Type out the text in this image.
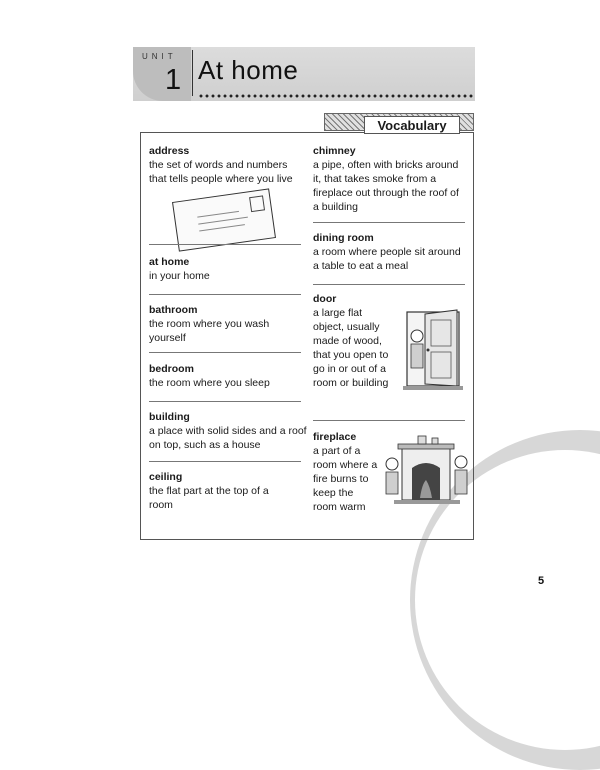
UNIT
1 At home
Vocabulary
address
the set of words and numbers that tells people where you live
at home
in your home
bathroom
the room where you wash yourself
bedroom
the room where you sleep
building
a place with solid sides and a roof on top, such as a house
ceiling
the flat part at the top of a room
chimney
a pipe, often with bricks around it, that takes smoke from a fireplace out through the roof of a building
dining room
a room where people sit around a table to eat a meal
door
a large flat object, usually made of wood, that you open to go in or out of a room or building
fireplace
a part of a room where a fire burns to keep the room warm
5
